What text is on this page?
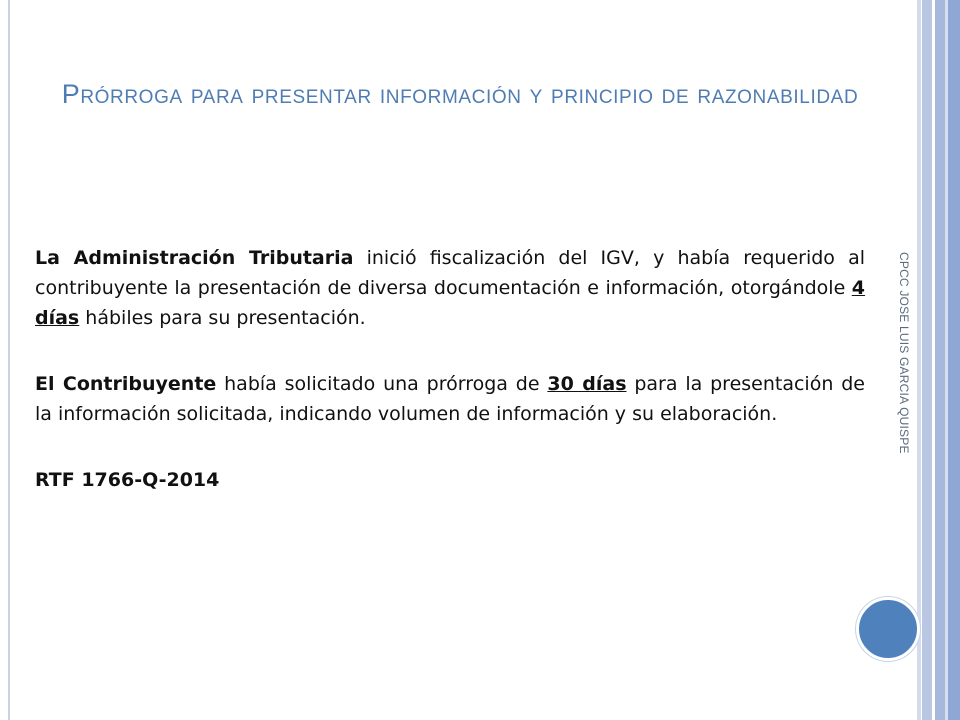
Prórroga para presentar información y principio de razonabilidad

La Administración Tributaria inició fiscalización del IGV, y había requerido al contribuyente la presentación de diversa documentación e información, otorgándole 4 días hábiles para su presentación.

El Contribuyente había solicitado una prórroga de 30 días para la presentación de la información solicitada, indicando volumen de información y su elaboración.

RTF 1766-Q-2014

CPCC JOSE LUIS GARCIA QUISPE
